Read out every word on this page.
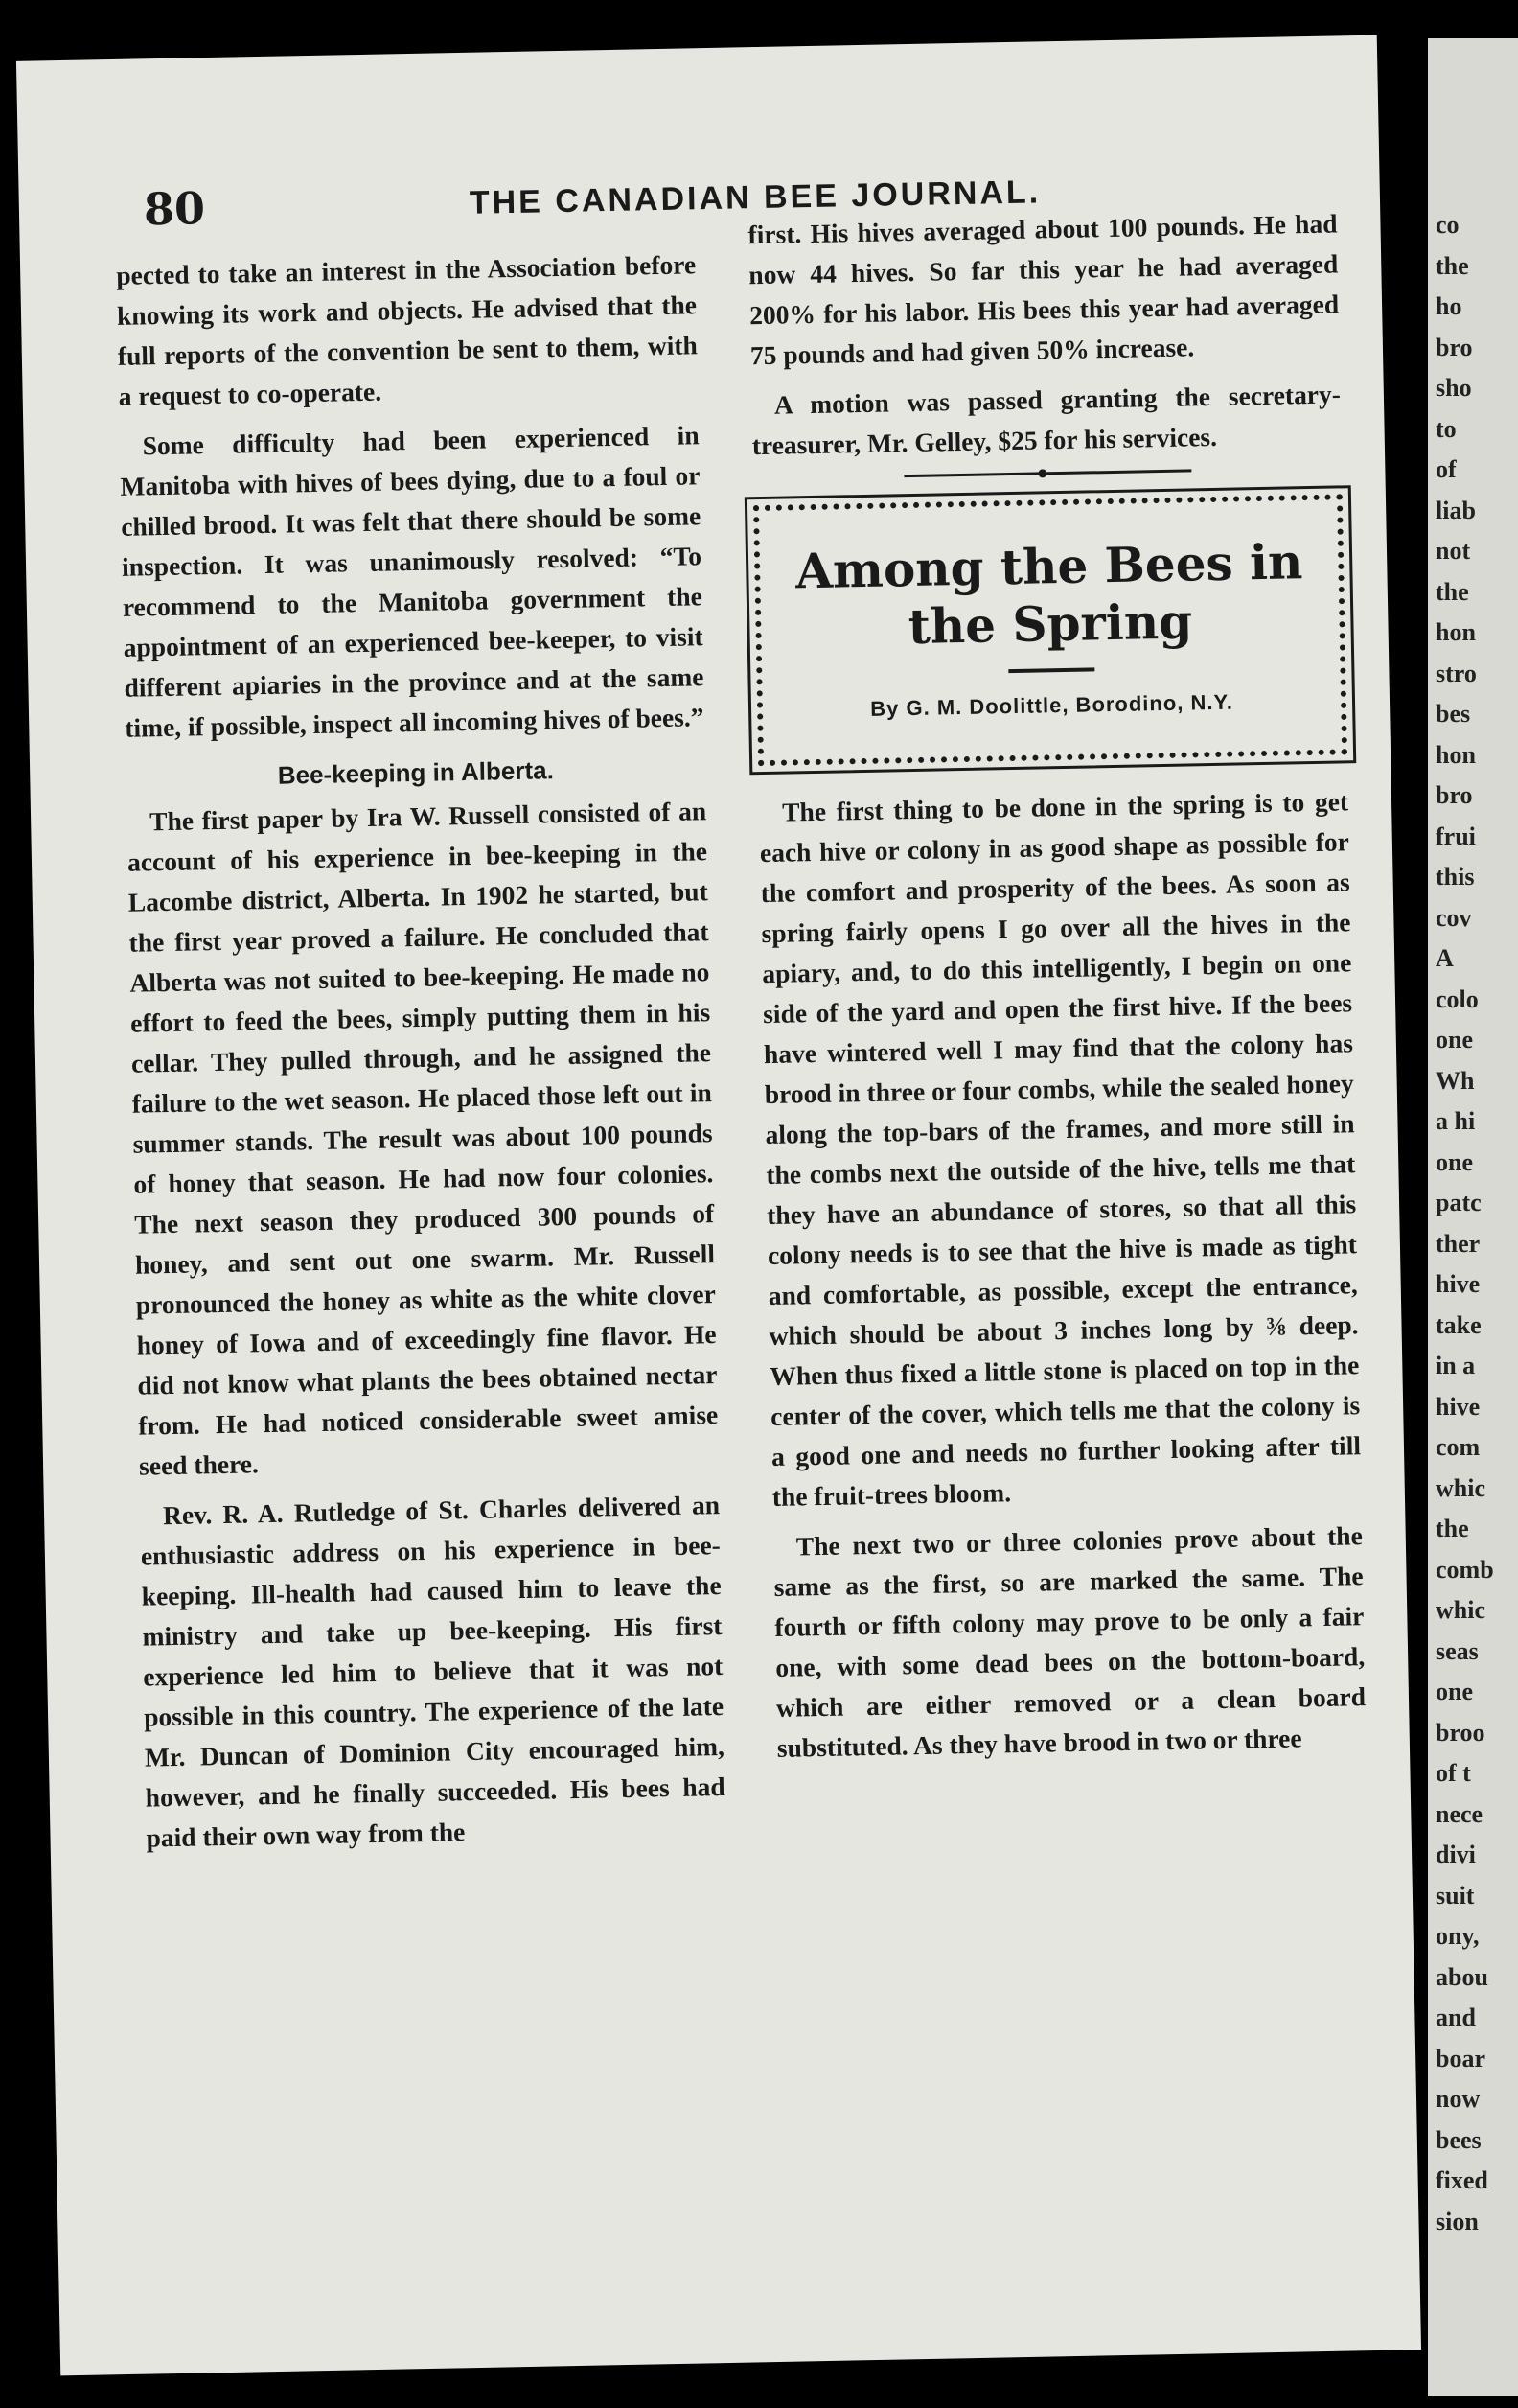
80	THE CANADIAN BEE JOURNAL.

pected to take an interest in the Association before knowing its work and objects. He advised that the full reports of the convention be sent to them, with a request to co-operate.

Some difficulty had been experienced in Manitoba with hives of bees dying, due to a foul or chilled brood. It was felt that there should be some inspection. It was unanimously resolved: “To recommend to the Manitoba government the appointment of an experienced bee-keeper, to visit different apiaries in the province and at the same time, if possible, inspect all incoming hives of bees.”

Bee-keeping in Alberta.

The first paper by Ira W. Russell consisted of an account of his experience in bee-keeping in the Lacombe district, Alberta. In 1902 he started, but the first year proved a failure. He concluded that Alberta was not suited to bee-keeping. He made no effort to feed the bees, simply putting them in his cellar. They pulled through, and he assigned the failure to the wet season. He placed those left out in summer stands. The result was about 100 pounds of honey that season. He had now four colonies. The next season they produced 300 pounds of honey, and sent out one swarm. Mr. Russell pronounced the honey as white as the white clover honey of Iowa and of exceedingly fine flavor. He did not know what plants the bees obtained nectar from. He had noticed considerable sweet amise seed there.

Rev. R. A. Rutledge of St. Charles delivered an enthusiastic address on his experience in bee-keeping. Ill-health had caused him to leave the ministry and take up bee-keeping. His first experience led him to believe that it was not possible in this country. The experience of the late Mr. Duncan of Dominion City encouraged him, however, and he finally succeeded. His bees had paid their own way from the

first. His hives averaged about 100 pounds. He had now 44 hives. So far this year he had averaged 200% for his labor. His bees this year had averaged 75 pounds and had given 50% increase.

A motion was passed granting the secretary-treasurer, Mr. Gelley, $25 for his services.

Among the Bees in the Spring
By G. M. Doolittle, Borodino, N.Y.

The first thing to be done in the spring is to get each hive or colony in as good shape as possible for the comfort and prosperity of the bees. As soon as spring fairly opens I go over all the hives in the apiary, and, to do this intelligently, I begin on one side of the yard and open the first hive. If the bees have wintered well I may find that the colony has brood in three or four combs, while the sealed honey along the top-bars of the frames, and more still in the combs next the outside of the hive, tells me that they have an abundance of stores, so that all this colony needs is to see that the hive is made as tight and comfortable, as possible, except the entrance, which should be about 3 inches long by ⅜ deep. When thus fixed a little stone is placed on top in the center of the cover, which tells me that the colony is a good one and needs no further looking after till the fruit-trees bloom.

The next two or three colonies prove about the same as the first, so are marked the same. The fourth or fifth colony may prove to be only a fair one, with some dead bees on the bottom-board, which are either removed or a clean board substituted. As they have brood in two or three

co
the
ho
bro
sho
to
of
liab
not
the
hon
stro
bes
hon
bro
frui
this
cov
A
colo
one
Wh
a hi
one
patc
ther
hive
take
in a
hive
com
whic
the
comb
whic
seas
one
broo
of t
nece
divi
suit
ony,
abou
and
boar
now
bees
fixed
sion
